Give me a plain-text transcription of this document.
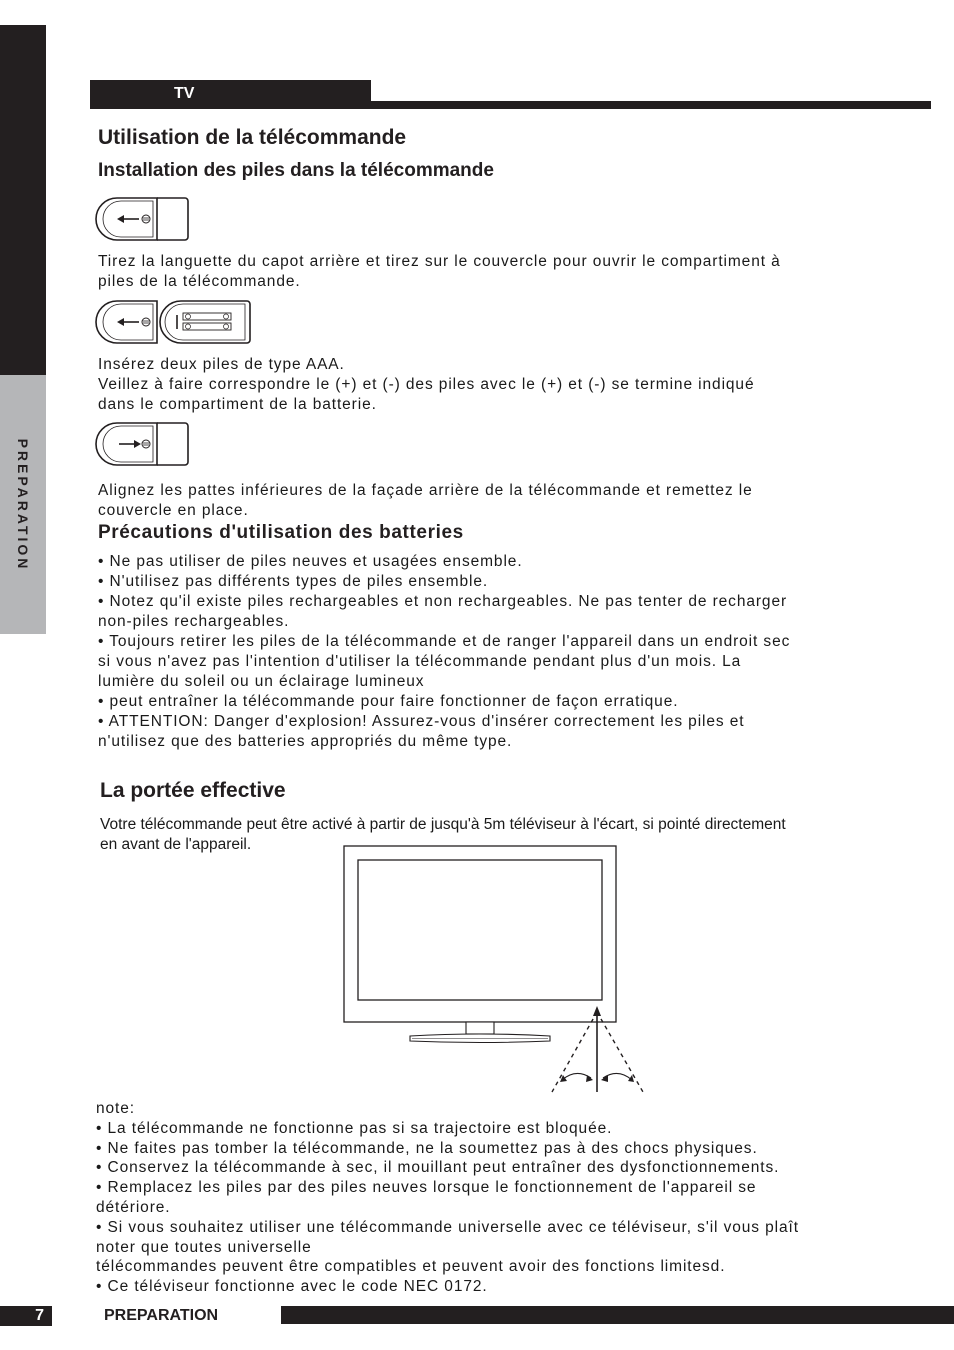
PREPARATION
TV
Utilisation de la télécommande
Installation des piles dans la télécommande

Tirez la languette du capot arrière et tirez sur le couvercle pour ouvrir le compartiment à

piles de la télécommande.

Insérez deux piles de type AAA.

Veillez à faire correspondre le (+) et (-) des piles avec le (+) et (-) se termine indiqué

dans le compartiment de la batterie.

Alignez les pattes inférieures de la façade arrière de la télécommande et remettez le

couvercle en place.

Précautions d'utilisation des batteries

• Ne pas utiliser de piles neuves et usagées ensemble.

• N'utilisez pas différents types de piles ensemble.

• Notez qu'il existe piles rechargeables et non rechargeables. Ne pas tenter de recharger

non-piles rechargeables.

• Toujours retirer les piles de la télécommande et de ranger l'appareil dans un endroit sec

si vous n'avez pas l'intention d'utiliser la télécommande pendant plus d'un mois. La

lumière du soleil ou un éclairage lumineux

• peut entraîner la télécommande pour faire fonctionner de façon erratique.

• ATTENTION: Danger d'explosion! Assurez-vous d'insérer correctement les piles et

n'utilisez que des batteries appropriés du même type.

La portée effective

Votre télécommande peut être activé à partir de jusqu'à 5m téléviseur à l'écart, si pointé directement

en avant de l'appareil.

note:

• La télécommande ne fonctionne pas si sa trajectoire est bloquée.

• Ne faites pas tomber la télécommande, ne la soumettez pas à des chocs physiques.

• Conservez la télécommande à sec, il mouillant peut entraîner des dysfonctionnements.

• Remplacez les piles par des piles neuves lorsque le fonctionnement de l'appareil se

détériore.

• Si vous souhaitez utiliser une télécommande universelle avec ce téléviseur, s'il vous plaît

noter que toutes universelle

télécommandes peuvent être compatibles et peuvent avoir des fonctions limitesd.

• Ce téléviseur fonctionne avec le code NEC 0172.

7	PREPARATION
